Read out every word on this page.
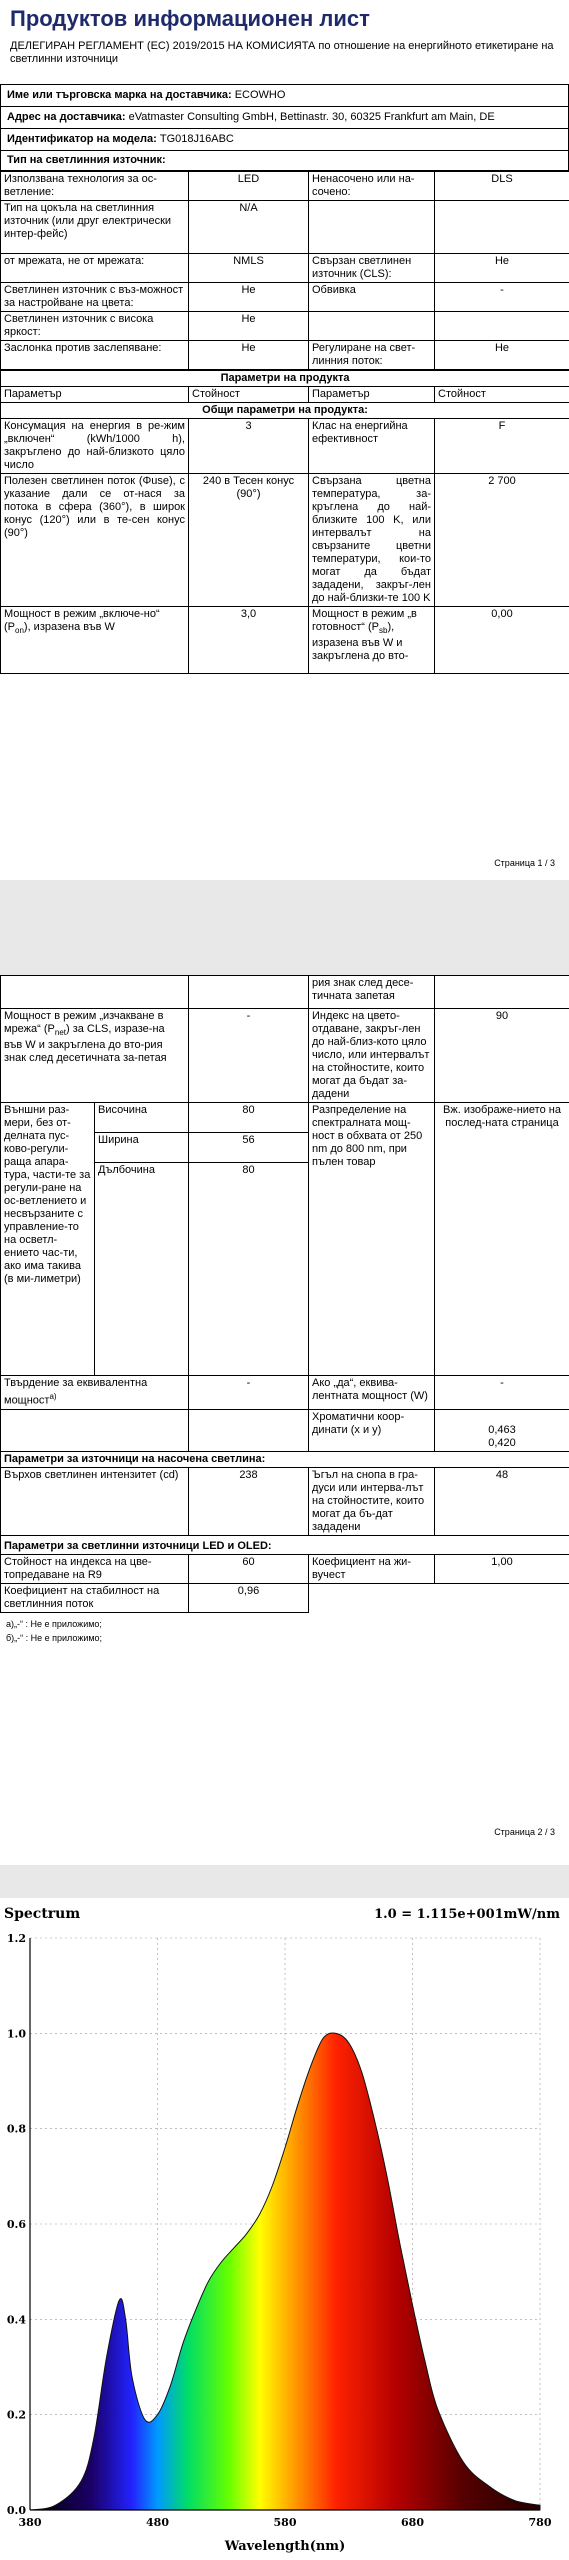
Продуктов информационен лист
ДЕЛЕГИРАН РЕГЛАМЕНТ (ЕС) 2019/2015 НА КОМИСИЯТА по отношение на енергийното етикетиране на светлинни източници
Име или търговска марка на доставчика: ECOWHO
Адрес на доставчика: eVatmaster Consulting GmbH, Bettinastr. 30, 60325 Frankfurt am Main, DE
Идентификатор на модела: TG018J16ABC
Тип на светлинния източник:
Използвана технология за ос-ветление:	LED	Ненасочено или на-сочено:	DLS
Тип на цокъла на светлинния източник (или друг електрически интер-фейс)	N/A		
от мрежата, не от мрежата:	NMLS	Свързан светлинен източник (CLS):	Не
Светлинен източник с въз-можност за настройване на цвета:	Не	Обвивка	-
Светлинен източник с висока яркост:	Не		
Заслонка против заслепяване:	Не	Регулиране на свет-линния поток:	Не
Параметри на продукта			
Параметър	Стойност	Параметър	Стойност
Общи параметри на продукта:			
Консумация на енергия в ре-жим „включен“ (kWh/1000 h), закръглено до най-близкото цяло число	3	Клас на енергийна ефективност	F
Полезен светлинен поток (Φuse), с указание дали се от-нася за потока в сфера (360°), в широк конус (120°) или в те-сен конус (90°)	240 в Тесен конус (90°)	Свързана цветна температура, за-кръглена до най-близките 100 K, или интервалът на свързаните цветни температури, кои-то могат да бъдат зададени, закръг-лен до най-близки-те 100 K	2 700
Мощност в режим „включе-но“ $(P_{on})$, изразена във W	3,0	Мощност в режим „в готовност“ $(P_{sb})$, изразена във W и закръглена до вто-	0,00
Страница 1 / 3
			рия знак след десе-тичната запетая	
Мощност в режим „изчакване в мрежа“ $(P_{net})$ за CLS, изразе-на във W и закръглена до вто-рия знак след десетичната за-петая		-	Индекс на цвето-отдаване, закръг-лен до най-близ-кото цяло число, или интервалът на стойностите, които могат да бъдат за-дадени	90
Външни раз-мери, без от-делната пус-ково-регули-раща апара-тура, части-те за регули-ране на ос-ветлението и несвързаните с управление-то на осветл-ението час-ти, ако има такива (в ми-лиметри)	Височина	80	Разпределение на спектралната мощ-ност в обхвата от 250 nm до 800 nm, при пълен товар	Вж. изображе-нието на послед-ната страница
	Ширина	56		
	Дълбочина	80		
Твърдение за еквивалентна мощност$^{а)}$		-	Ако „да“, еквива-лентната мощност (W)	-
			Хроматични коор-динати (x и y)	0,463
0,420

Параметри за източници на насочена светлина:				
Върхов светлинен интензитет (cd)		238	Ъгъл на снопа в гра-дуси или интерва-лът на стойностите, които могат да бъ-дат зададени	48
Параметри за светлинни източници LED и OLED:				
Стойност на индекса на цве-топредаване на R9		60	Коефициент на жи-вучест	1,00
Коефициент на стабилност на светлинния поток		0,96		
а)„-“ : Не е приложимо;
б)„-“ : Не е приложимо;
Страница 2 / 3
0.0
0.2
0.4
0.6
0.8
1.0
1.2
380	480	580	680	780
Spectrum	1.0 = 1.115e+001mW/nm
Wavelength(nm)
